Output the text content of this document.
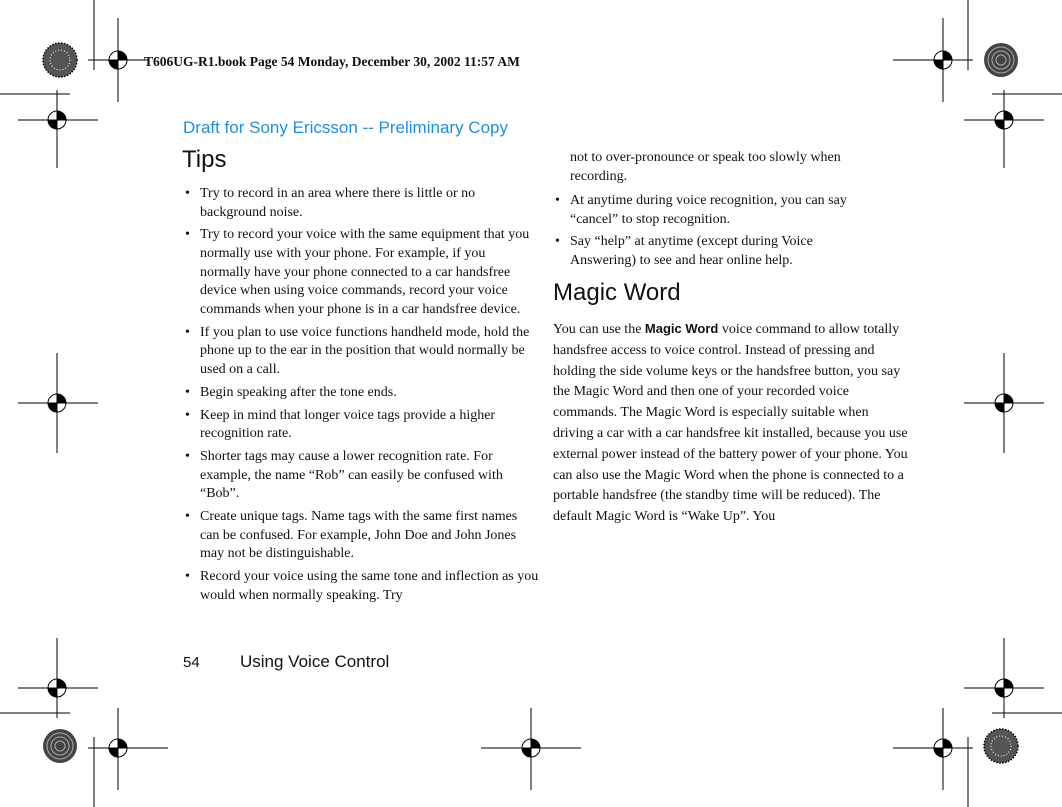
T606UG-R1.book Page 54 Monday, December 30, 2002 11:57 AM
Draft for Sony Ericsson -- Preliminary Copy
Tips
• Try to record in an area where there is little or no background noise.
• Try to record your voice with the same equipment that you normally use with your phone. For example, if you normally have your phone connected to a car handsfree device when using voice commands, record your voice commands when your phone is in a car handsfree device.
• If you plan to use voice functions handheld mode, hold the phone up to the ear in the position that would normally be used on a call.
• Begin speaking after the tone ends.
• Keep in mind that longer voice tags provide a higher recognition rate.
• Shorter tags may cause a lower recognition rate. For example, the name “Rob” can easily be confused with “Bob”.
• Create unique tags. Name tags with the same first names can be confused. For example, John Doe and John Jones may not be distinguishable.
• Record your voice using the same tone and inflection as you would when normally speaking. Try
not to over-pronounce or speak too slowly when recording.
• At anytime during voice recognition, you can say “cancel” to stop recognition.
• Say “help” at anytime (except during Voice Answering) to see and hear online help.
Magic Word

You can use the Magic Word voice command to allow totally handsfree access to voice control. Instead of pressing and holding the side volume keys or the handsfree button, you say the Magic Word and then one of your recorded voice commands. The Magic Word is especially suitable when driving a car with a car handsfree kit installed, because you use external power instead of the battery power of your phone. You can also use the Magic Word when the phone is connected to a portable handsfree (the standby time will be reduced). The default Magic Word is “Wake Up”. You

54 Using Voice Control
